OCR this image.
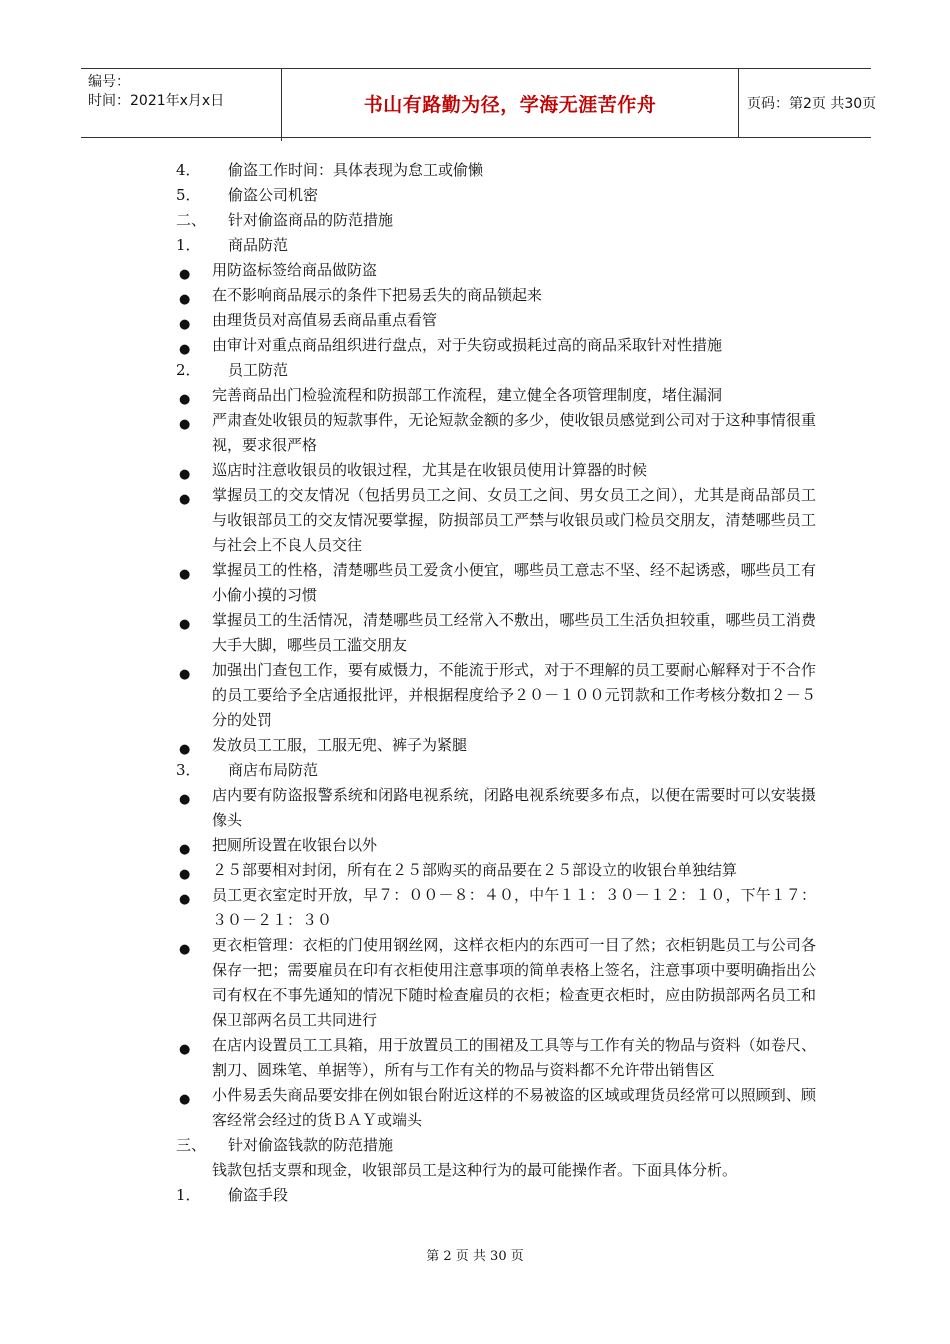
编号：
时间：2021年x月x日	书山有路勤为径，学海无涯苦作舟	页码：第2页 共30页
4． 偷盗工作时间：具体表现为怠工或偷懒
5． 偷盗公司机密
二、 针对偷盗商品的防范措施
1． 商品防范
● 用防盗标签给商品做防盗
● 在不影响商品展示的条件下把易丢失的商品锁起来
● 由理货员对高值易丢商品重点看管
● 由审计对重点商品组织进行盘点，对于失窃或损耗过高的商品采取针对性措施
2． 员工防范
● 完善商品出门检验流程和防损部工作流程，建立健全各项管理制度，堵住漏洞
● 严肃查处收银员的短款事件，无论短款金额的多少，使收银员感觉到公司对于这种事情很重视，要求很严格
● 巡店时注意收银员的收银过程，尤其是在收银员使用计算器的时候
● 掌握员工的交友情况（包括男员工之间、女员工之间、男女员工之间），尤其是商品部员工与收银部员工的交友情况要掌握，防损部员工严禁与收银员或门检员交朋友，清楚哪些员工与社会上不良人员交往
● 掌握员工的性格，清楚哪些员工爱贪小便宜，哪些员工意志不坚、经不起诱惑，哪些员工有小偷小摸的习惯
● 掌握员工的生活情况，清楚哪些员工经常入不敷出，哪些员工生活负担较重，哪些员工消费大手大脚，哪些员工滥交朋友
● 加强出门查包工作，要有威慑力，不能流于形式，对于不理解的员工要耐心解释对于不合作的员工要给予全店通报批评，并根据程度给予２０－１００元罚款和工作考核分数扣２－５分的处罚
● 发放员工工服，工服无兜、裤子为紧腿
3． 商店布局防范
● 店内要有防盗报警系统和闭路电视系统，闭路电视系统要多布点，以便在需要时可以安装摄像头
● 把厕所设置在收银台以外
● ２５部要相对封闭，所有在２５部购买的商品要在２５部设立的收银台单独结算
● 员工更衣室定时开放，早７：００－８：４０，中午１１：３０－１２：１０，下午１７：３０－２１：３０
● 更衣柜管理：衣柜的门使用钢丝网，这样衣柜内的东西可一目了然；衣柜钥匙员工与公司各保存一把；需要雇员在印有衣柜使用注意事项的简单表格上签名，注意事项中要明确指出公司有权在不事先通知的情况下随时检查雇员的衣柜；检查更衣柜时，应由防损部两名员工和保卫部两名员工共同进行
● 在店内设置员工工具箱，用于放置员工的围裙及工具等与工作有关的物品与资料（如卷尺、割刀、圆珠笔、单据等），所有与工作有关的物品与资料都不允许带出销售区
● 小件易丢失商品要安排在例如银台附近这样的不易被盗的区域或理货员经常可以照顾到、顾客经常会经过的货ＢＡＹ或端头
三、 针对偷盗钱款的防范措施
钱款包括支票和现金，收银部员工是这种行为的最可能操作者。下面具体分析。
1． 偷盗手段
第 2 页 共 30 页
